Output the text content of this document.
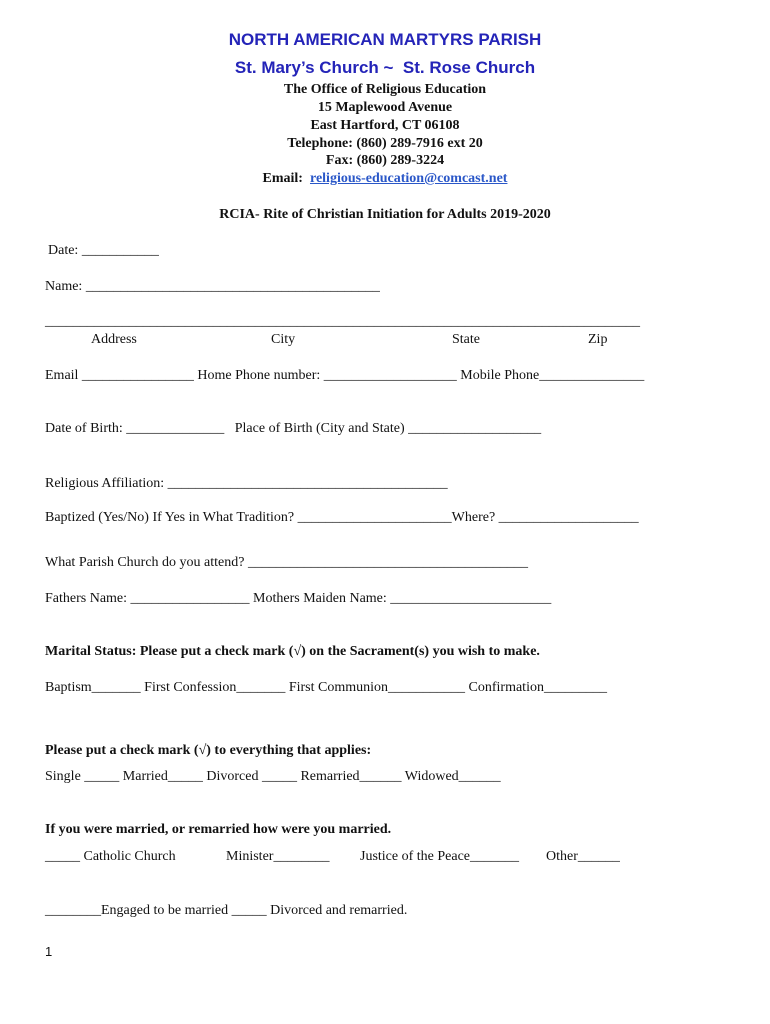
NORTH AMERICAN MARTYRS PARISH
St. Mary’s Church ~  St. Rose Church
The Office of Religious Education
15 Maplewood Avenue
East Hartford, CT 06108
Telephone: (860) 289-7916 ext 20
Fax: (860) 289-3224
Email: religious-education@comcast.net
RCIA- Rite of Christian Initiation for Adults 2019-2020
Date: ___________
Name: __________________________________________
_____________________________________________________________________________________
Address	City	State	Zip
Email ________________ Home Phone number: ___________________ Mobile Phone_______________
Date of Birth: ______________   Place of Birth (City and State) ___________________
Religious Affiliation: ________________________________________
Baptized (Yes/No) If Yes in What Tradition? ______________________Where? ____________________
What Parish Church do you attend? ________________________________________
Fathers Name: _________________ Mothers Maiden Name: _______________________
Marital Status: Please put a check mark (√) on the Sacrament(s) you wish to make.
Baptism_______ First Confession_______ First Communion___________ Confirmation_________
Please put a check mark (√) to everything that applies:
Single _____ Married_____ Divorced _____ Remarried______ Widowed______
If you were married, or remarried how were you married.
_____ Catholic Church	Minister________ Justice of the Peace_______ Other______
________Engaged to be married _____ Divorced and remarried.
1
